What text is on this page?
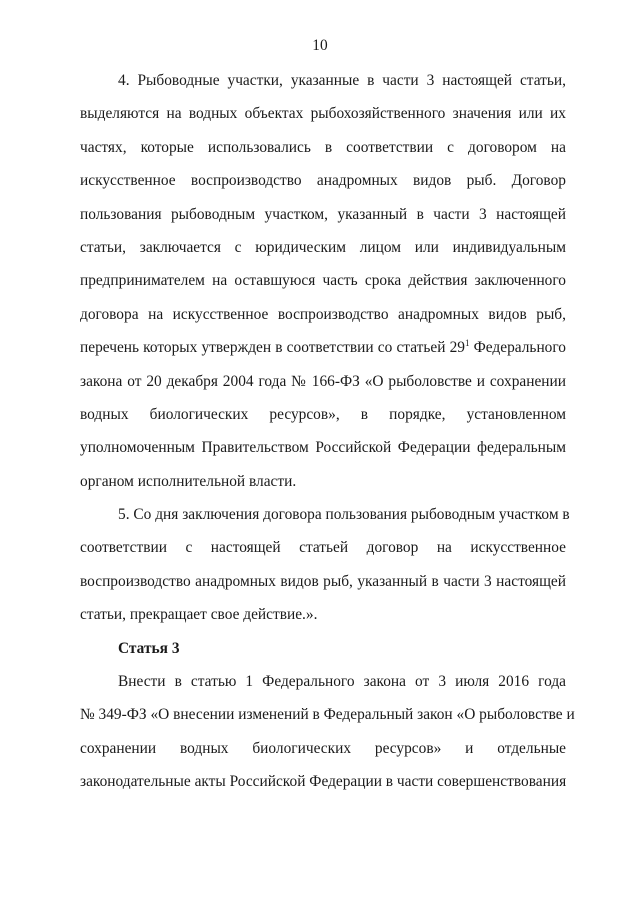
10
4. Рыбоводные участки, указанные в части 3 настоящей статьи,
выделяются на водных объектах рыбохозяйственного значения или их
частях, которые использовались в соответствии с договором на
искусственное воспроизводство анадромных видов рыб. Договор
пользования рыбоводным участком, указанный в части 3 настоящей
статьи, заключается с юридическим лицом или индивидуальным
предпринимателем на оставшуюся часть срока действия заключенного
договора на искусственное воспроизводство анадромных видов рыб,
перечень которых утвержден в соответствии со статьей $29^1$ Федерального
закона от 20 декабря 2004 года № 166-ФЗ «О рыболовстве и сохранении
водных биологических ресурсов», в порядке, установленном
уполномоченным Правительством Российской Федерации федеральным
органом исполнительной власти.
5. Со дня заключения договора пользования рыбоводным участком в
соответствии с настоящей статьей договор на искусственное
воспроизводство анадромных видов рыб, указанный в части 3 настоящей
статьи, прекращает свое действие.».
Статья 3
Внести в статью 1 Федерального закона от 3 июля 2016 года
№ 349-ФЗ «О внесении изменений в Федеральный закон «О рыболовстве и
сохранении водных биологических ресурсов» и отдельные
законодательные акты Российской Федерации в части совершенствования
